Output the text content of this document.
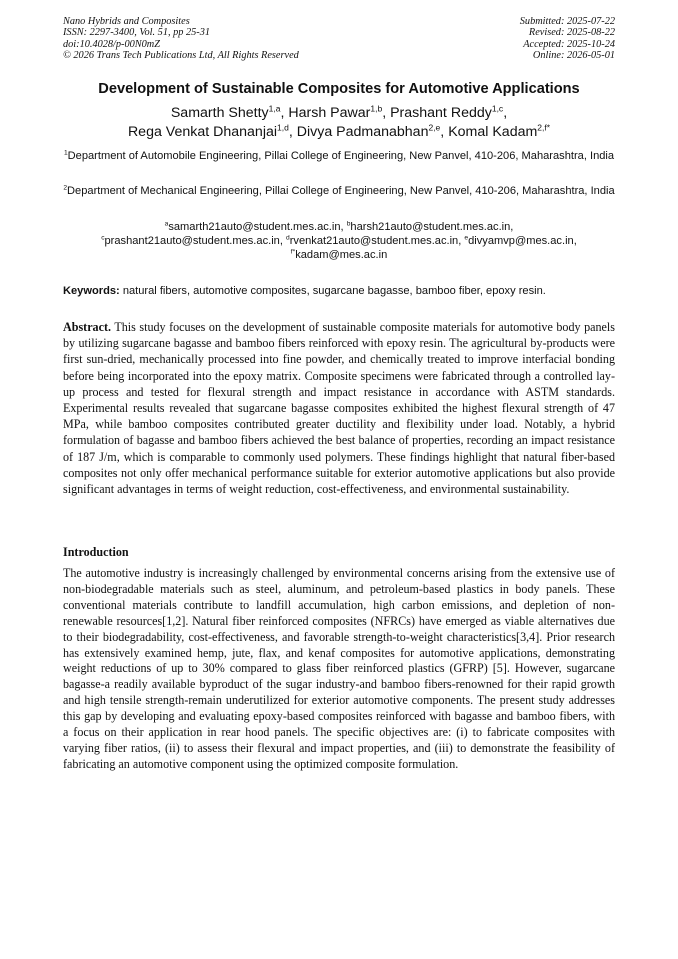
Nano Hybrids and Composites
ISSN: 2297-3400, Vol. 51, pp 25-31
doi:10.4028/p-00N0mZ
© 2026 Trans Tech Publications Ltd, All Rights Reserved
Submitted: 2025-07-22
Revised: 2025-08-22
Accepted: 2025-10-24
Online: 2026-05-01
Development of Sustainable Composites for Automotive Applications
Samarth Shetty$^{1,a}$, Harsh Pawar$^{1,b}$, Prashant Reddy$^{1,c}$,
Rega Venkat Dhananjai$^{1,d}$, Divya Padmanabhan$^{2,e}$, Komal Kadam$^{2,f*}$
$^1$Department of Automobile Engineering, Pillai College of Engineering, New Panvel, 410-206, Maharashtra, India
$^2$Department of Mechanical Engineering, Pillai College of Engineering, New Panvel, 410-206, Maharashtra, India
$^a$samarth21auto@student.mes.ac.in, $^b$harsh21auto@student.mes.ac.in,
$^c$prashant21auto@student.mes.ac.in, $^d$rvenkat21auto@student.mes.ac.in, $^e$divyamvp@mes.ac.in,
$^{f*}$kadam@mes.ac.in
Keywords: natural fibers, automotive composites, sugarcane bagasse, bamboo fiber, epoxy resin.
Abstract. This study focuses on the development of sustainable composite materials for automotive body panels by utilizing sugarcane bagasse and bamboo fibers reinforced with epoxy resin. The agricultural by-products were first sun-dried, mechanically processed into fine powder, and chemically treated to improve interfacial bonding before being incorporated into the epoxy matrix. Composite specimens were fabricated through a controlled lay-up process and tested for flexural strength and impact resistance in accordance with ASTM standards. Experimental results revealed that sugarcane bagasse composites exhibited the highest flexural strength of 47 MPa, while bamboo composites contributed greater ductility and flexibility under load. Notably, a hybrid formulation of bagasse and bamboo fibers achieved the best balance of properties, recording an impact resistance of 187 J/m, which is comparable to commonly used polymers. These findings highlight that natural fiber-based composites not only offer mechanical performance suitable for exterior automotive applications but also provide significant advantages in terms of weight reduction, cost-effectiveness, and environmental sustainability.
Introduction
The automotive industry is increasingly challenged by environmental concerns arising from the extensive use of non-biodegradable materials such as steel, aluminum, and petroleum-based plastics in body panels. These conventional materials contribute to landfill accumulation, high carbon emissions, and depletion of non-renewable resources[1,2]. Natural fiber reinforced composites (NFRCs) have emerged as viable alternatives due to their biodegradability, cost-effectiveness, and favorable strength-to-weight characteristics[3,4]. Prior research has extensively examined hemp, jute, flax, and kenaf composites for automotive applications, demonstrating weight reductions of up to 30% compared to glass fiber reinforced plastics (GFRP) [5]. However, sugarcane bagasse-a readily available byproduct of the sugar industry-and bamboo fibers-renowned for their rapid growth and high tensile strength-remain underutilized for exterior automotive components. The present study addresses this gap by developing and evaluating epoxy-based composites reinforced with bagasse and bamboo fibers, with a focus on their application in rear hood panels. The specific objectives are: (i) to fabricate composites with varying fiber ratios, (ii) to assess their flexural and impact properties, and (iii) to demonstrate the feasibility of fabricating an automotive component using the optimized composite formulation.
